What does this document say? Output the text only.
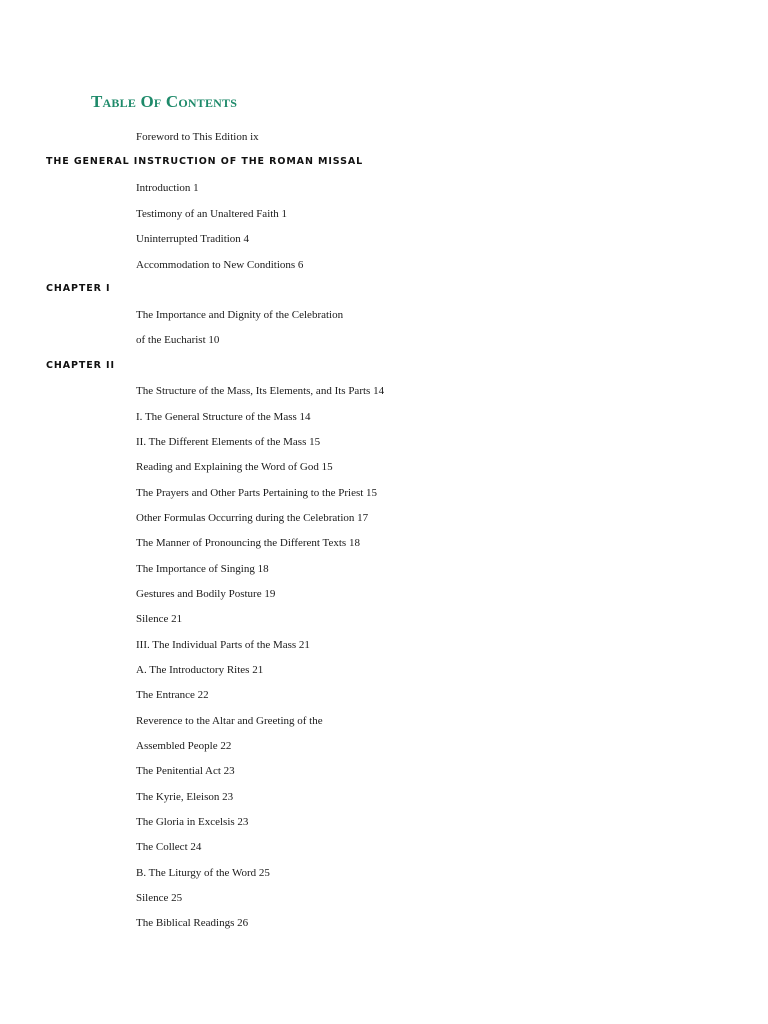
Table Of Contents
Foreword to This Edition ix
THE GENERAL INSTRUCTION OF THE ROMAN MISSAL
Introduction 1
Testimony of an Unaltered Faith 1
Uninterrupted Tradition 4
Accommodation to New Conditions 6
CHAPTER I
The Importance and Dignity of the Celebration
of the Eucharist 10
CHAPTER II
The Structure of the Mass, Its Elements, and Its Parts 14
I. The General Structure of the Mass 14
II. The Different Elements of the Mass 15
Reading and Explaining the Word of God 15
The Prayers and Other Parts Pertaining to the Priest 15
Other Formulas Occurring during the Celebration 17
The Manner of Pronouncing the Different Texts 18
The Importance of Singing 18
Gestures and Bodily Posture 19
Silence 21
III. The Individual Parts of the Mass 21
A. The Introductory Rites 21
The Entrance 22
Reverence to the Altar and Greeting of the
Assembled People 22
The Penitential Act 23
The Kyrie, Eleison 23
The Gloria in Excelsis 23
The Collect 24
B. The Liturgy of the Word 25
Silence 25
The Biblical Readings 26
